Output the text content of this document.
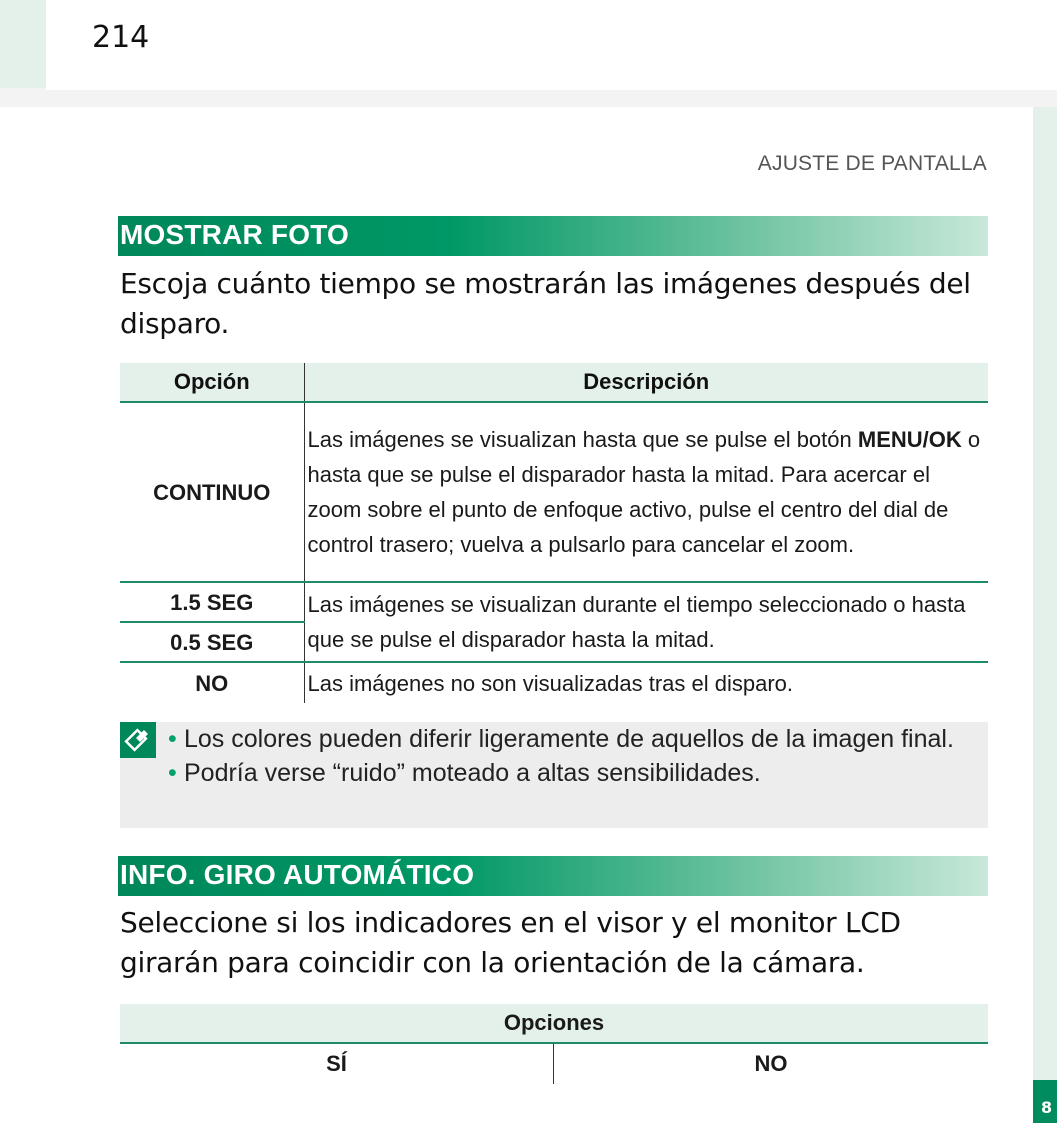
214
8
AJUSTE DE PANTALLA
MOSTRAR FOTO
Escoja cuánto tiempo se mostrarán las imágenes después del disparo.
Opción	Descripción
CONTINUO	Las imágenes se visualizan hasta que se pulse el botón MENU/OK o hasta que se pulse el disparador hasta la mitad. Para acercar el zoom sobre el punto de enfoque activo, pulse el centro del dial de control trasero; vuelva a pulsarlo para cancelar el zoom.
1.5 SEG	Las imágenes se visualizan durante el tiempo seleccionado o hasta que se pulse el disparador hasta la mitad.
0.5 SEG	
NO	Las imágenes no son visualizadas tras el disparo.
• Los colores pueden diferir ligeramente de aquellos de la imagen final.
• Podría verse “ruido” moteado a altas sensibilidades.
INFO. GIRO AUTOMÁTICO
Seleccione si los indicadores en el visor y el monitor LCD girarán para coincidir con la orientación de la cámara.
Opciones
SÍ	NO
